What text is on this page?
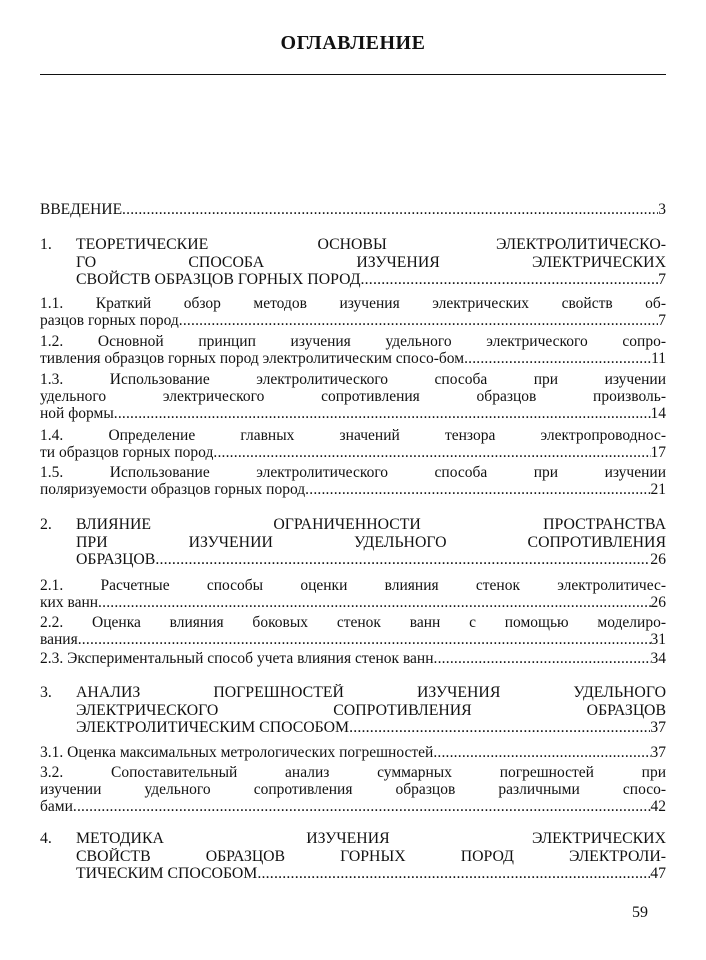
ОГЛАВЛЕНИЕ
ВВЕДЕНИЕ .....	3
1. ТЕОРЕТИЧЕСКИЕ ОСНОВЫ ЭЛЕКТРОЛИТИЧЕСКО-
ГО СПОСОБА ИЗУЧЕНИЯ ЭЛЕКТРИЧЕСКИХ
СВОЙСТВ ОБРАЗЦОВ ГОРНЫХ ПОРОД .....	7
1.1. Краткий обзор методов изучения электрических свойств об-
разцов горных пород .....	7
1.2. Основной принцип изучения удельного электрического сопро-
тивления образцов горных пород электролитическим спосо-бом .....	11
1.3. Использование электролитического способа при изучении
удельного электрического сопротивления образцов произволь-
ной формы .....	14
1.4. Определение главных значений тензора электропроводнос-
ти образцов горных пород .....	17
1.5. Использование электролитического способа при изучении
поляризуемости образцов горных пород .....	21
2. ВЛИЯНИЕ ОГРАНИЧЕННОСТИ ПРОСТРАНСТВА
ПРИ ИЗУЧЕНИИ УДЕЛЬНОГО СОПРОТИВЛЕНИЯ
ОБРАЗЦОВ .....	26
2.1. Расчетные способы оценки влияния стенок электролитичес-
ких ванн .....	26
2.2. Оценка влияния боковых стенок ванн с помощью моделиро-
вания .....	31
2.3. Экспериментальный способ учета влияния стенок ванн .....	34
3. АНАЛИЗ ПОГРЕШНОСТЕЙ ИЗУЧЕНИЯ УДЕЛЬНОГО
ЭЛЕКТРИЧЕСКОГО СОПРОТИВЛЕНИЯ ОБРАЗЦОВ
ЭЛЕКТРОЛИТИЧЕСКИМ СПОСОБОМ .....	37
3.1. Оценка максимальных метрологических погрешностей .....	37
3.2. Сопоставительный анализ суммарных погрешностей при
изучении удельного сопротивления образцов различными спосо-
бами .....	42
4. МЕТОДИКА ИЗУЧЕНИЯ ЭЛЕКТРИЧЕСКИХ
СВОЙСТВ ОБРАЗЦОВ ГОРНЫХ ПОРОД ЭЛЕКТРОЛИ-
ТИЧЕСКИМ СПОСОБОМ .....	47
59
